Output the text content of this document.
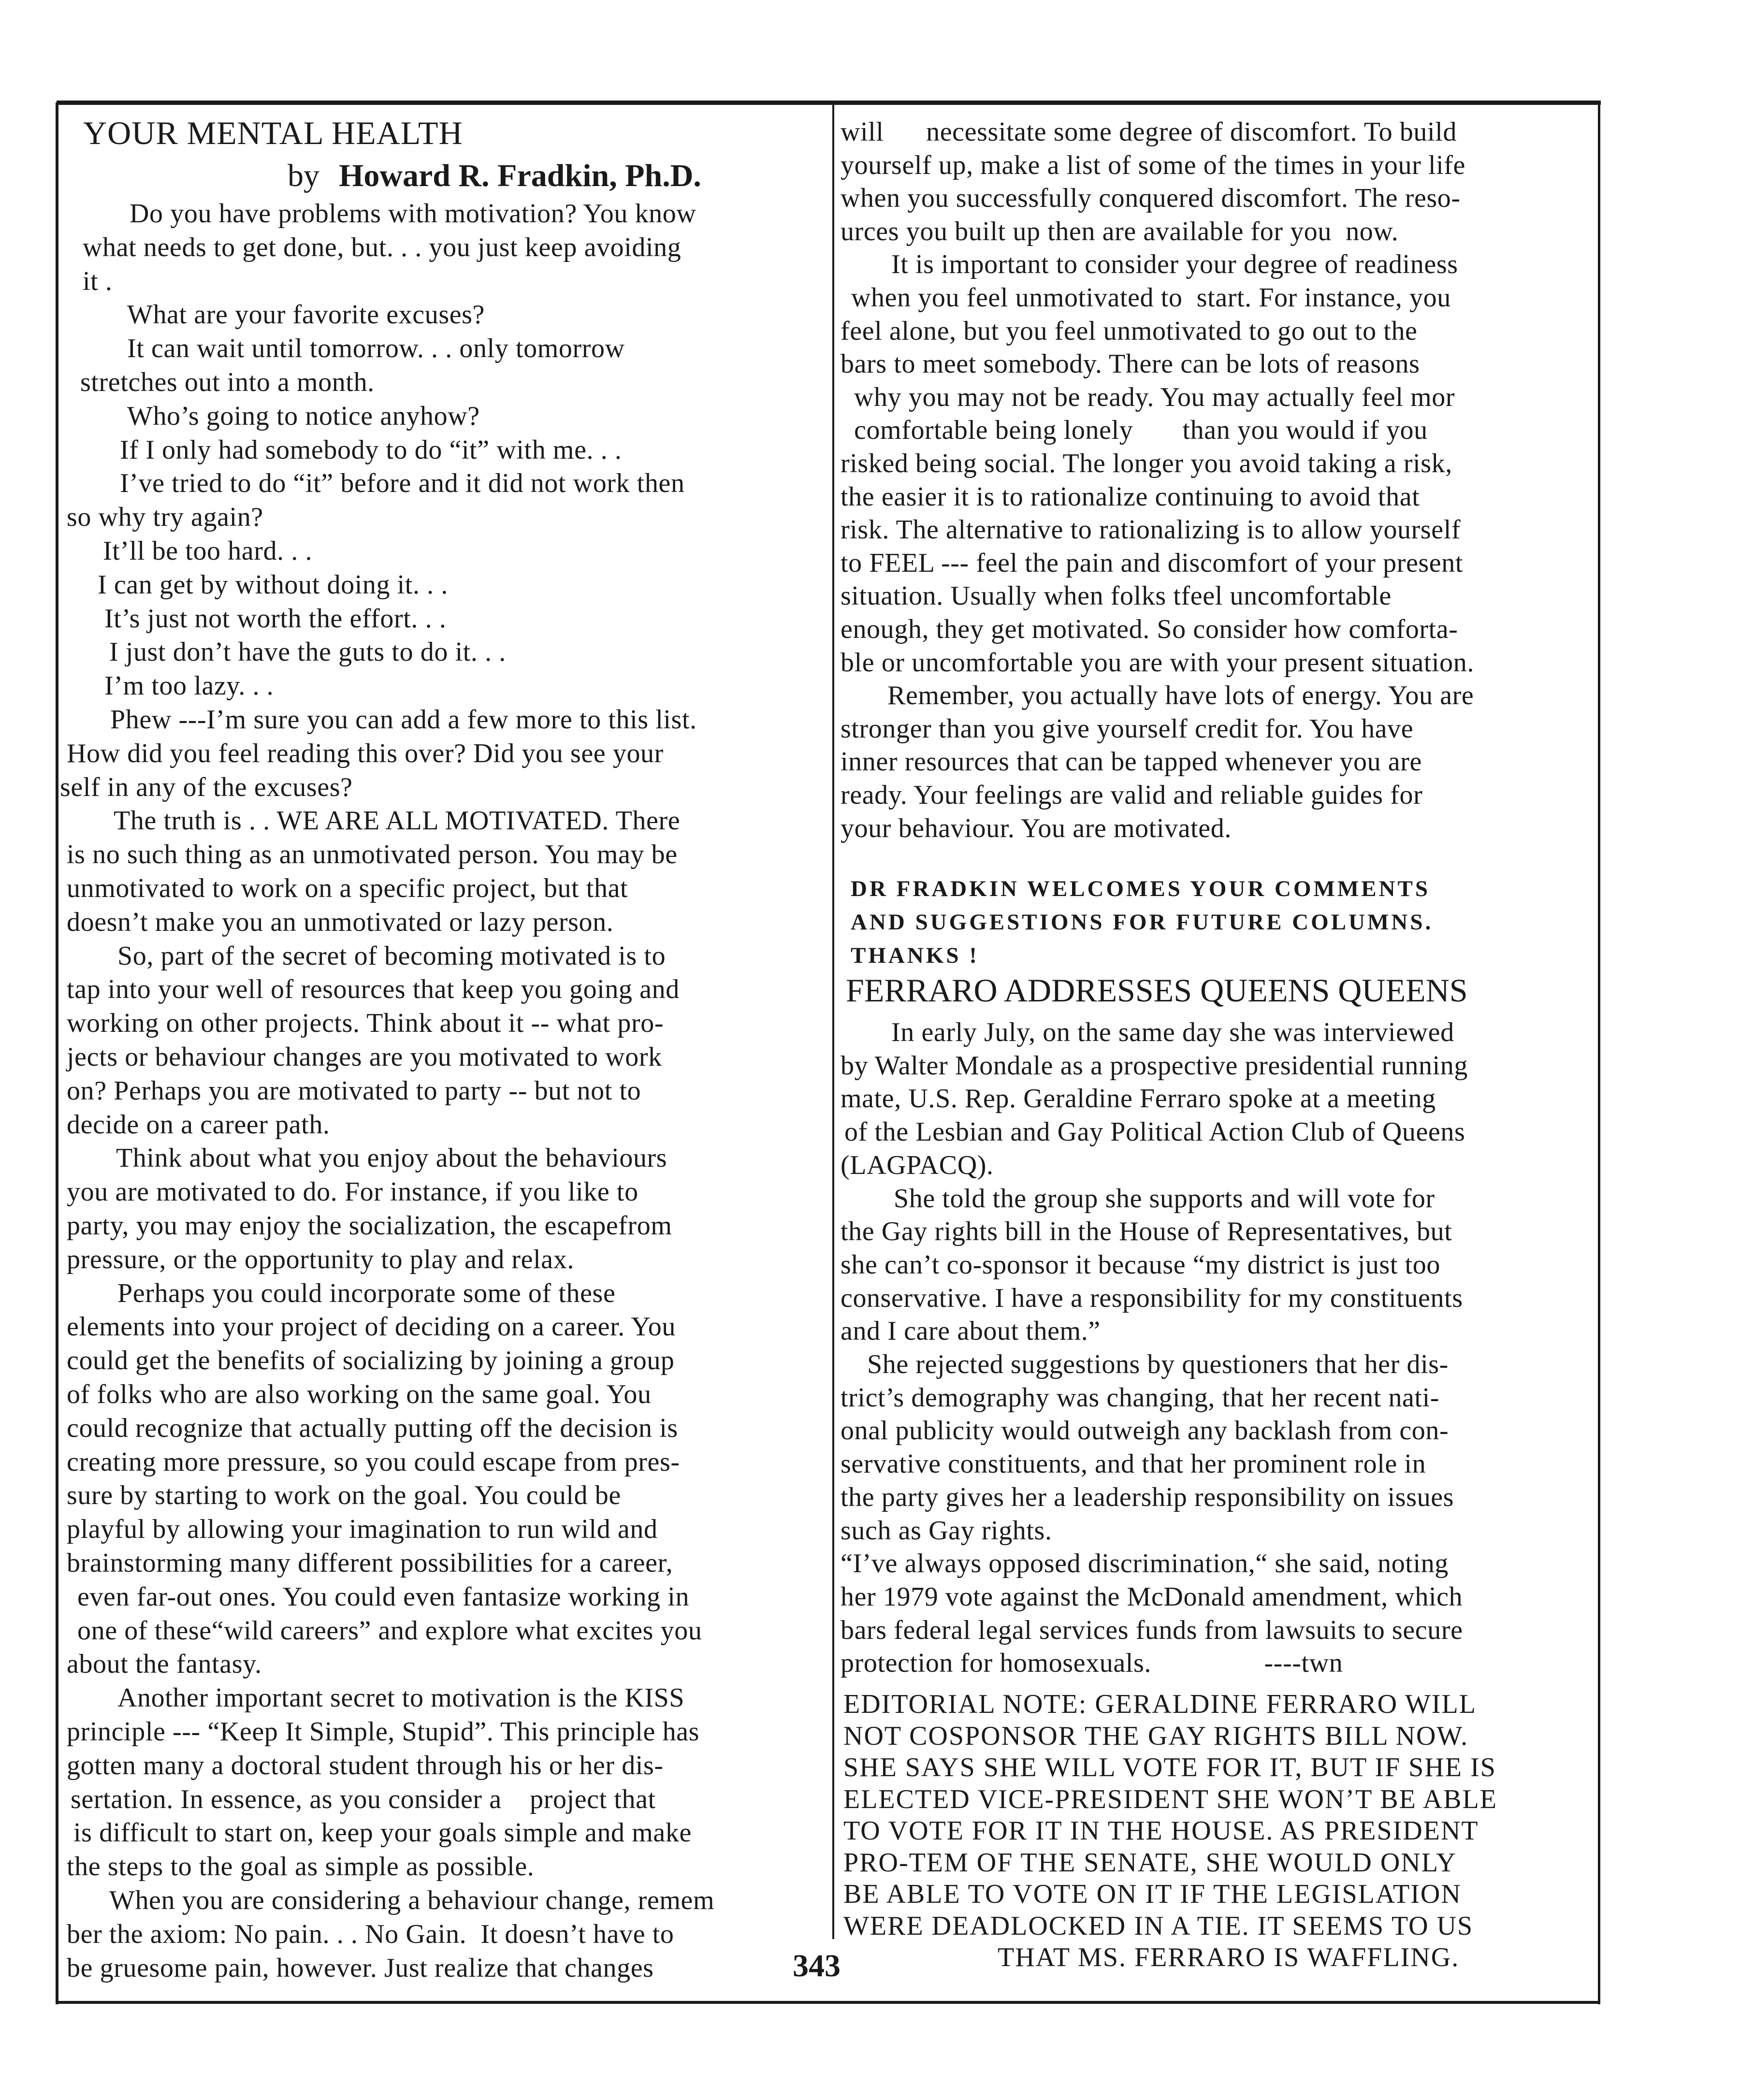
YOUR MENTAL HEALTH
by Howard R. Fradkin, Ph.D.
Do you have problems with motivation? You know
what needs to get done, but. . . you just keep avoiding
it .
What are your favorite excuses?
It can wait until tomorrow. . . only tomorrow
stretches out into a month.
Who’s going to notice anyhow?
If I only had somebody to do “it” with me. . .
I’ve tried to do “it” before and it did not work then
so why try again?
It’ll be too hard. . .
I can get by without doing it. . .
It’s just not worth the effort. . .
I just don’t have the guts to do it. . .
I’m too lazy. . .
Phew ---I’m sure you can add a few more to this list.
How did you feel reading this over? Did you see your
self in any of the excuses?
The truth is . . WE ARE ALL MOTIVATED. There
is no such thing as an unmotivated person. You may be
unmotivated to work on a specific project, but that
doesn’t make you an unmotivated or lazy person.
So, part of the secret of becoming motivated is to
tap into your well of resources that keep you going and
working on other projects. Think about it -- what pro-
jects or behaviour changes are you motivated to work
on? Perhaps you are motivated to party -- but not to
decide on a career path.
Think about what you enjoy about the behaviours
you are motivated to do. For instance, if you like to
party, you may enjoy the socialization, the escapefrom
pressure, or the opportunity to play and relax.
Perhaps you could incorporate some of these
elements into your project of deciding on a career. You
could get the benefits of socializing by joining a group
of folks who are also working on the same goal. You
could recognize that actually putting off the decision is
creating more pressure, so you could escape from pres-
sure by starting to work on the goal. You could be
playful by allowing your imagination to run wild and
brainstorming many different possibilities for a career,
even far-out ones. You could even fantasize working in
one of these“wild careers” and explore what excites you
about the fantasy.
Another important secret to motivation is the KISS
principle --- “Keep It Simple, Stupid”. This principle has
gotten many a doctoral student through his or her dis-
sertation. In essence, as you consider a    project that
is difficult to start on, keep your goals simple and make
the steps to the goal as simple as possible.
When you are considering a behaviour change, remem
ber the axiom: No pain. . . No Gain.  It doesn’t have to
be gruesome pain, however. Just realize that changes
will      necessitate some degree of discomfort. To build
yourself up, make a list of some of the times in your life
when you successfully conquered discomfort. The reso-
urces you built up then are available for you  now.
It is important to consider your degree of readiness
when you feel unmotivated to  start. For instance, you
feel alone, but you feel unmotivated to go out to the
bars to meet somebody. There can be lots of reasons
why you may not be ready. You may actually feel mor
comfortable being lonely       than you would if you
risked being social. The longer you avoid taking a risk,
the easier it is to rationalize continuing to avoid that
risk. The alternative to rationalizing is to allow yourself
to FEEL --- feel the pain and discomfort of your present
situation. Usually when folks tfeel uncomfortable
enough, they get motivated. So consider how comforta-
ble or uncomfortable you are with your present situation.
Remember, you actually have lots of energy. You are
stronger than you give yourself credit for. You have
inner resources that can be tapped whenever you are
ready. Your feelings are valid and reliable guides for
your behaviour. You are motivated.
DR FRADKIN WELCOMES YOUR COMMENTS
AND SUGGESTIONS FOR FUTURE COLUMNS.
THANKS !
FERRARO ADDRESSES QUEENS QUEENS
In early July, on the same day she was interviewed
by Walter Mondale as a prospective presidential running
mate, U.S. Rep. Geraldine Ferraro spoke at a meeting
of the Lesbian and Gay Political Action Club of Queens
(LAGPACQ).
She told the group she supports and will vote for
the Gay rights bill in the House of Representatives, but
she can’t co-sponsor it because “my district is just too
conservative. I have a responsibility for my constituents
and I care about them.”
She rejected suggestions by questioners that her dis-
trict’s demography was changing, that her recent nati-
onal publicity would outweigh any backlash from con-
servative constituents, and that her prominent role in
the party gives her a leadership responsibility on issues
such as Gay rights.
“I’ve always opposed discrimination,“ she said, noting
her 1979 vote against the McDonald amendment, which
bars federal legal services funds from lawsuits to secure
protection for homosexuals.                ----twn
EDITORIAL NOTE: GERALDINE FERRARO WILL
NOT COSPONSOR THE GAY RIGHTS BILL NOW.
SHE SAYS SHE WILL VOTE FOR IT, BUT IF SHE IS
ELECTED VICE-PRESIDENT SHE WON’T BE ABLE
TO VOTE FOR IT IN THE HOUSE. AS PRESIDENT
PRO-TEM OF THE SENATE, SHE WOULD ONLY
BE ABLE TO VOTE ON IT IF THE LEGISLATION
WERE DEADLOCKED IN A TIE. IT SEEMS TO US
THAT MS. FERRARO IS WAFFLING.
343
